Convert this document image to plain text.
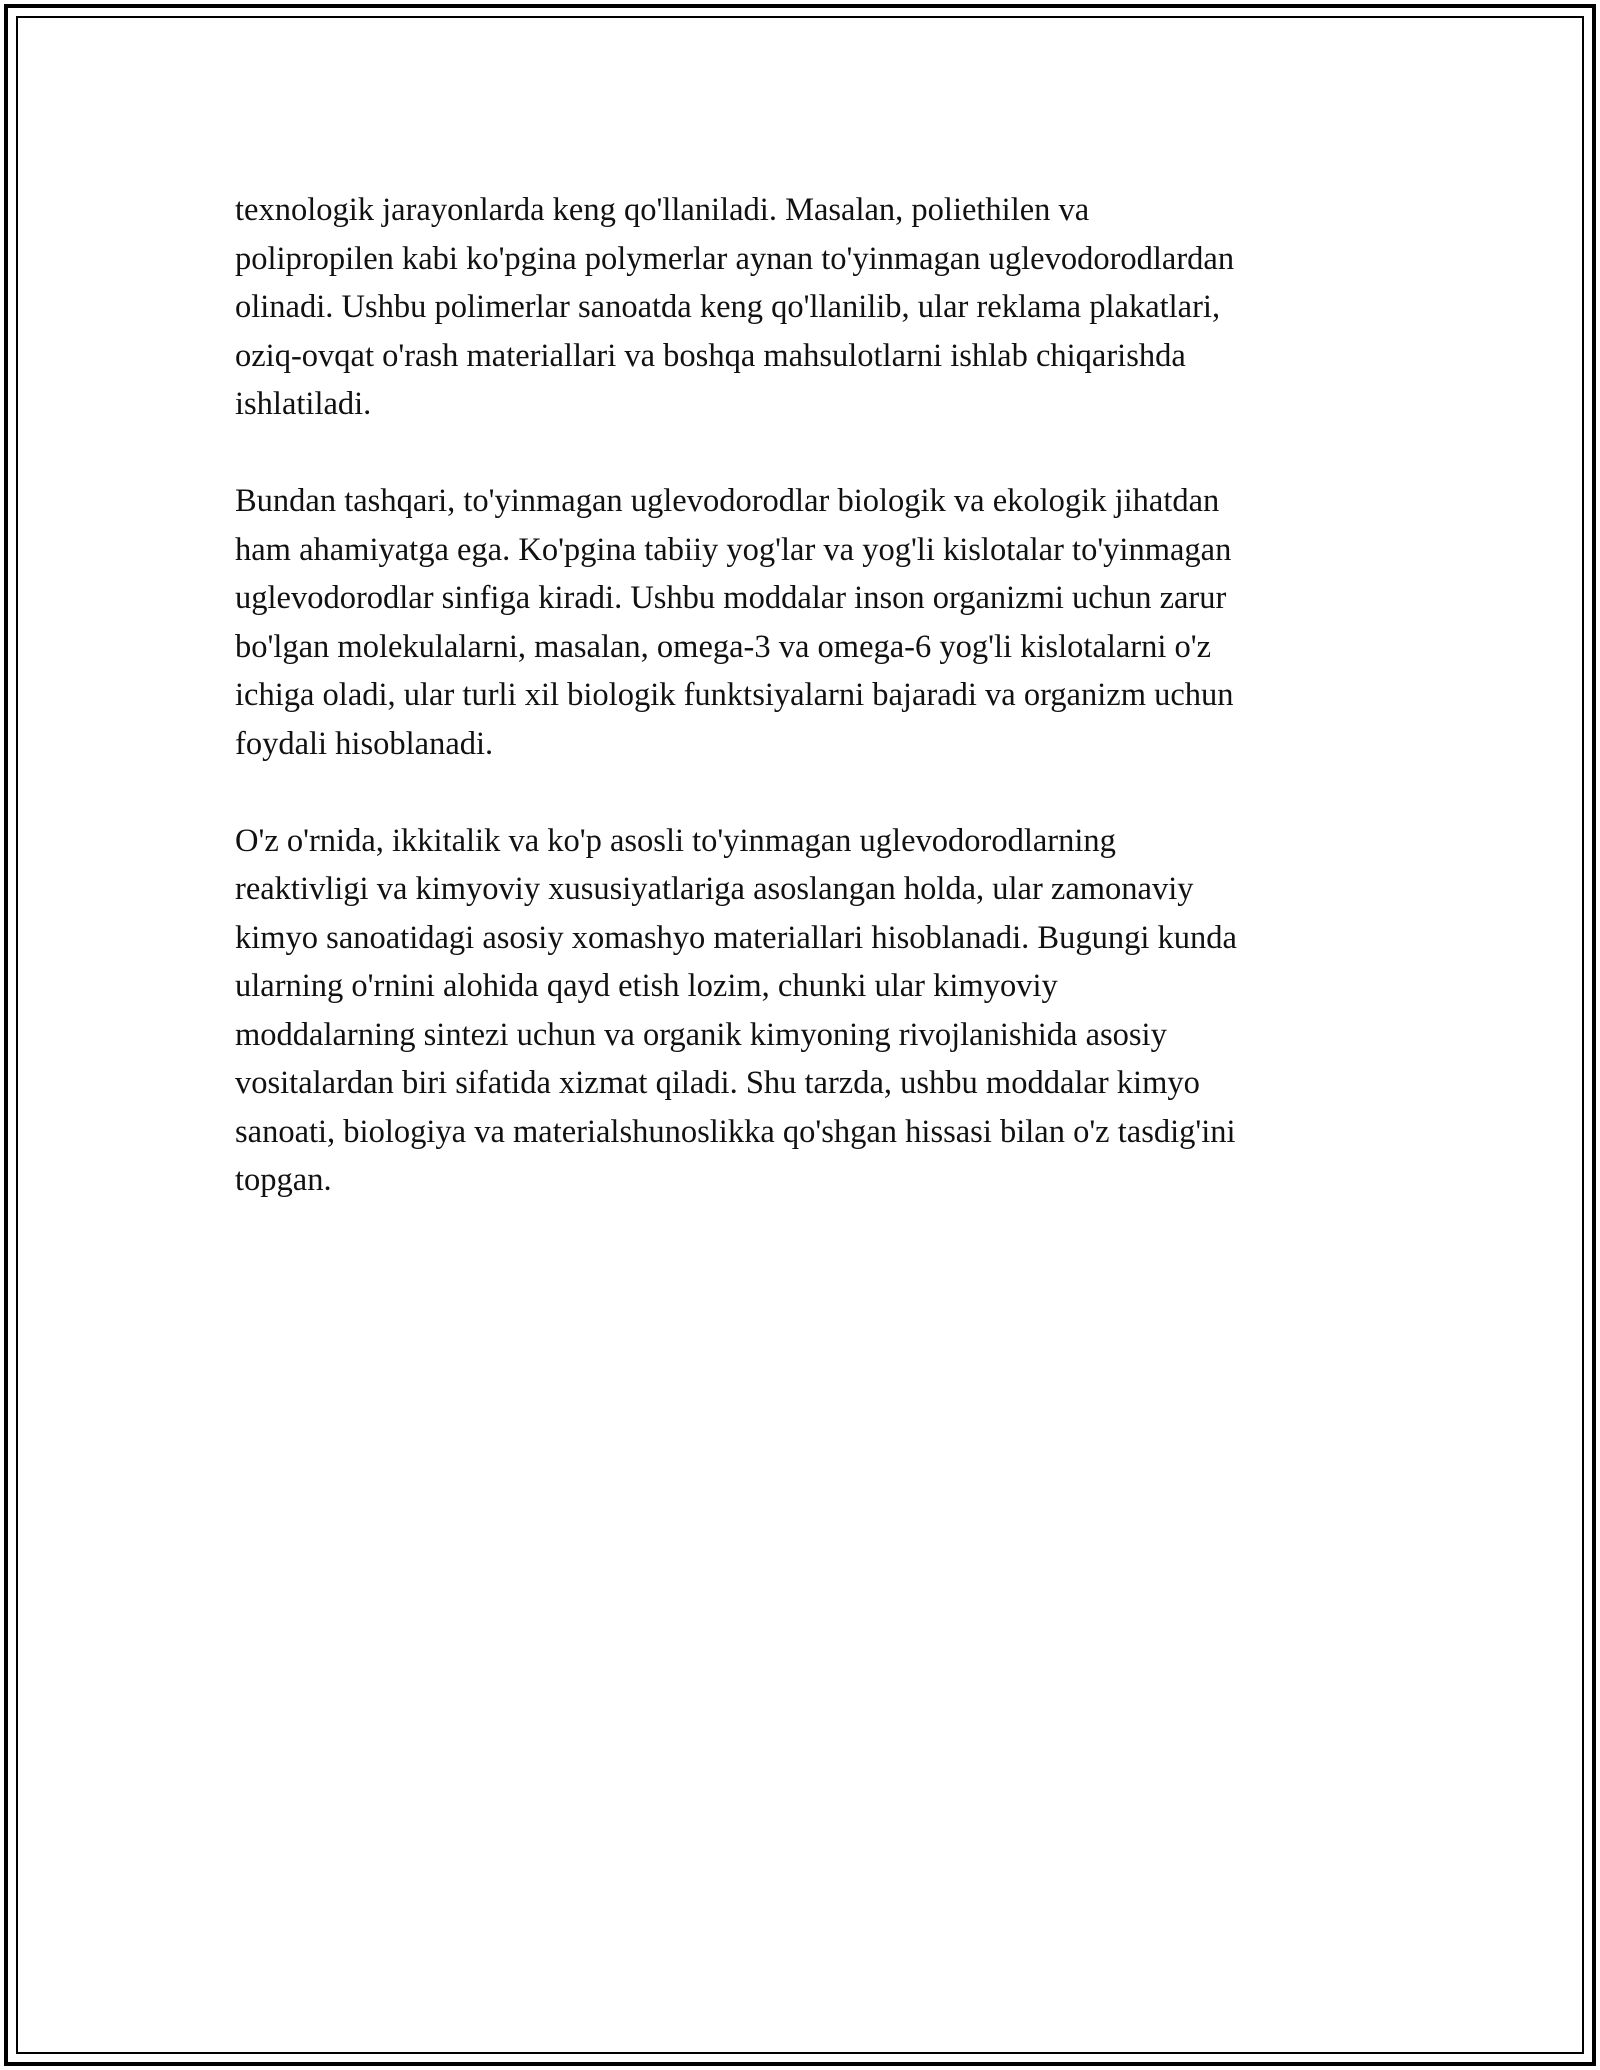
texnologik jarayonlarda keng qo'llaniladi. Masalan, poliethilen va
polipropilen kabi ko'pgina polymerlar aynan to'yinmagan uglevodorodlardan
olinadi. Ushbu polimerlar sanoatda keng qo'llanilib, ular reklama plakatlari,
oziq-ovqat o'rash materiallari va boshqa mahsulotlarni ishlab chiqarishda
ishlatiladi.

Bundan tashqari, to'yinmagan uglevodorodlar biologik va ekologik jihatdan
ham ahamiyatga ega. Ko'pgina tabiiy yog'lar va yog'li kislotalar to'yinmagan
uglevodorodlar sinfiga kiradi. Ushbu moddalar inson organizmi uchun zarur
bo'lgan molekulalarni, masalan, omega-3 va omega-6 yog'li kislotalarni o'z
ichiga oladi, ular turli xil biologik funktsiyalarni bajaradi va organizm uchun
foydali hisoblanadi.

O'z o'rnida, ikkitalik va ko'p asosli to'yinmagan uglevodorodlarning
reaktivligi va kimyoviy xususiyatlariga asoslangan holda, ular zamonaviy
kimyo sanoatidagi asosiy xomashyo materiallari hisoblanadi. Bugungi kunda
ularning o'rnini alohida qayd etish lozim, chunki ular kimyoviy
moddalarning sintezi uchun va organik kimyoning rivojlanishida asosiy
vositalardan biri sifatida xizmat qiladi. Shu tarzda, ushbu moddalar kimyo
sanoati, biologiya va materialshunoslikka qo'shgan hissasi bilan o'z tasdig'ini
topgan.
